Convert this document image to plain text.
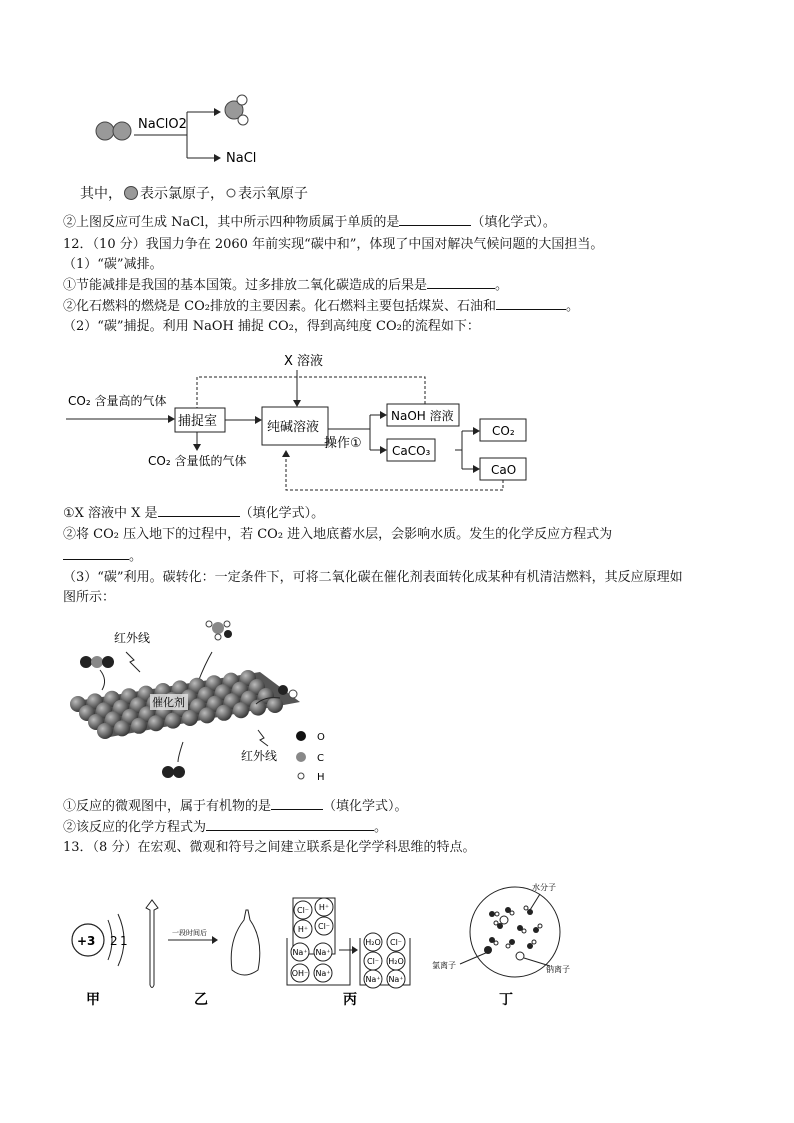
NaClO2
NaCl
其中， 表示氯原子， 表示氧原子
②上图反应可生成 NaCl，其中所示四种物质属于单质的是	（填化学式）。
12．（10 分）我国力争在 2060 年前实现“碳中和”，体现了中国对解决气候问题的大国担当。
（1）“碳”减排。
①节能减排是我国的基本国策。过多排放二氧化碳造成的后果是	。
②化石燃料的燃烧是 CO₂排放的主要因素。化石燃料主要包括煤炭、石油和	。
（2）“碳”捕捉。利用 NaOH 捕捉 CO₂，得到高纯度 CO₂的流程如下：
X 溶液
CO₂ 含量高的气体
捕捉室
CO₂ 含量低的气体
纯碱溶液
操作①
NaOH 溶液
CaCO₃
CO₂
CaO
①X 溶液中 X 是	（填化学式）。
②将 CO₂ 压入地下的过程中，若 CO₂ 进入地底蓄水层，会影响水质。发生的化学反应方程式为
。
（3）“碳”利用。碳转化：一定条件下，可将二氧化碳在催化剂表面转化成某种有机清洁燃料，其反应原理如
图所示：
红外线
催化剂
红外线
O
C
H
①反应的微观图中，属于有机物的是	（填化学式）。
②该反应的化学方程式为	。
13．（8 分）在宏观、微观和符号之间建立联系是化学学科思维的特点。
+3 2 1
一段时间后
Cl⁻ H⁺
H⁺ Cl⁻
Na⁺ Na⁺
OH⁻ Na⁺
H₂O Cl⁻
Cl⁻ H₂O
Na⁺ Na⁺
水分子
氯离子	钠离子
甲	乙	丙	丁
